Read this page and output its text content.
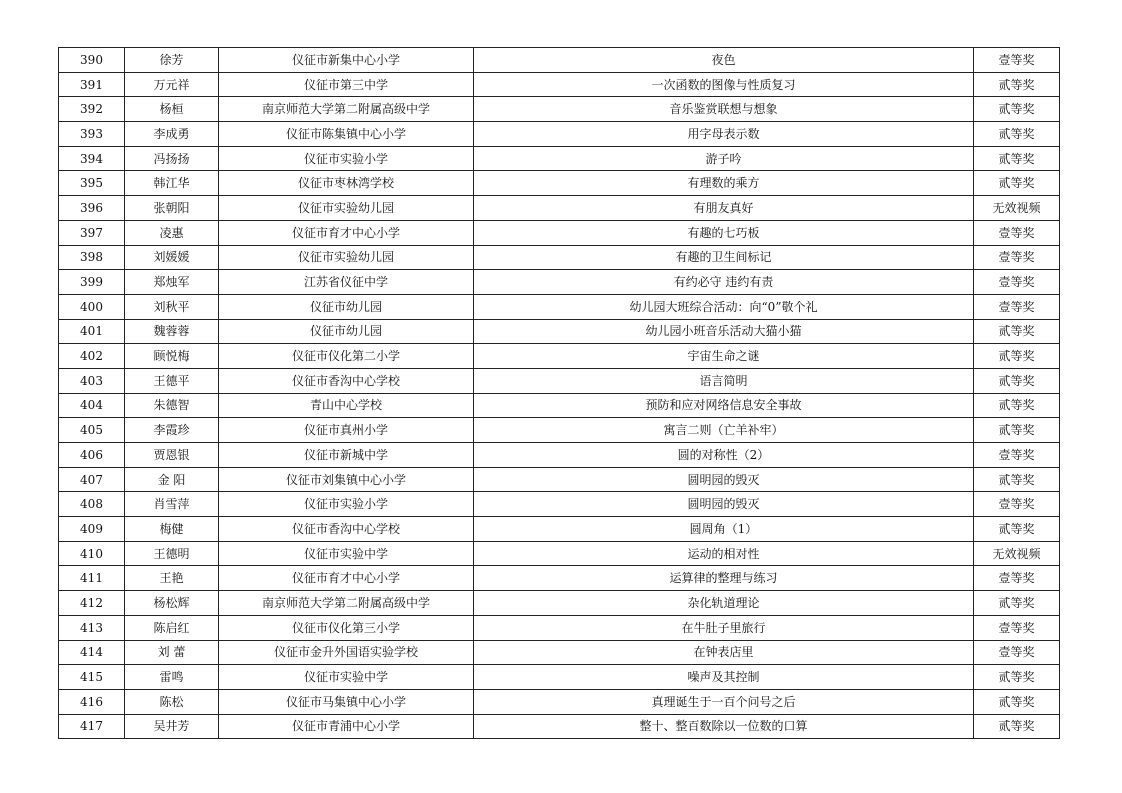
390	徐芳	仪征市新集中心小学	夜色	壹等奖
391	万元祥	仪征市第三中学	一次函数的图像与性质复习	贰等奖
392	杨桓	南京师范大学第二附属高级中学	音乐鉴赏联想与想象	贰等奖
393	李成勇	仪征市陈集镇中心小学	用字母表示数	贰等奖
394	冯扬扬	仪征市实验小学	游子吟	贰等奖
395	韩江华	仪征市枣林湾学校	有理数的乘方	贰等奖
396	张朝阳	仪征市实验幼儿园	有朋友真好	无效视频
397	凌惠	仪征市育才中心小学	有趣的七巧板	壹等奖
398	刘媛媛	仪征市实验幼儿园	有趣的卫生间标记	壹等奖
399	郑烛军	江苏省仪征中学	有约必守 违约有责	壹等奖
400	刘秋平	仪征市幼儿园	幼儿园大班综合活动：向“0”敬个礼	壹等奖
401	魏蓉蓉	仪征市幼儿园	幼儿园小班音乐活动大猫小猫	贰等奖
402	顾悦梅	仪征市仪化第二小学	宇宙生命之谜	贰等奖
403	王德平	仪征市香沟中心学校	语言简明	贰等奖
404	朱德智	青山中心学校	预防和应对网络信息安全事故	贰等奖
405	李霞珍	仪征市真州小学	寓言二则（亡羊补牢）	贰等奖
406	贾恩银	仪征市新城中学	圆的对称性（2）	壹等奖
407	金 阳	仪征市刘集镇中心小学	圆明园的毁灭	贰等奖
408	肖雪萍	仪征市实验小学	圆明园的毁灭	壹等奖
409	梅健	仪征市香沟中心学校	圆周角（1）	贰等奖
410	王德明	仪征市实验中学	运动的相对性	无效视频
411	王艳	仪征市育才中心小学	运算律的整理与练习	壹等奖
412	杨松辉	南京师范大学第二附属高级中学	杂化轨道理论	贰等奖
413	陈启红	仪征市仪化第三小学	在牛肚子里旅行	壹等奖
414	刘 蕾	仪征市金升外国语实验学校	在钟表店里	壹等奖
415	雷鸣	仪征市实验中学	噪声及其控制	贰等奖
416	陈松	仪征市马集镇中心小学	真理诞生于一百个问号之后	贰等奖
417	吴井芳	仪征市青浦中心小学	整十、整百数除以一位数的口算	贰等奖
